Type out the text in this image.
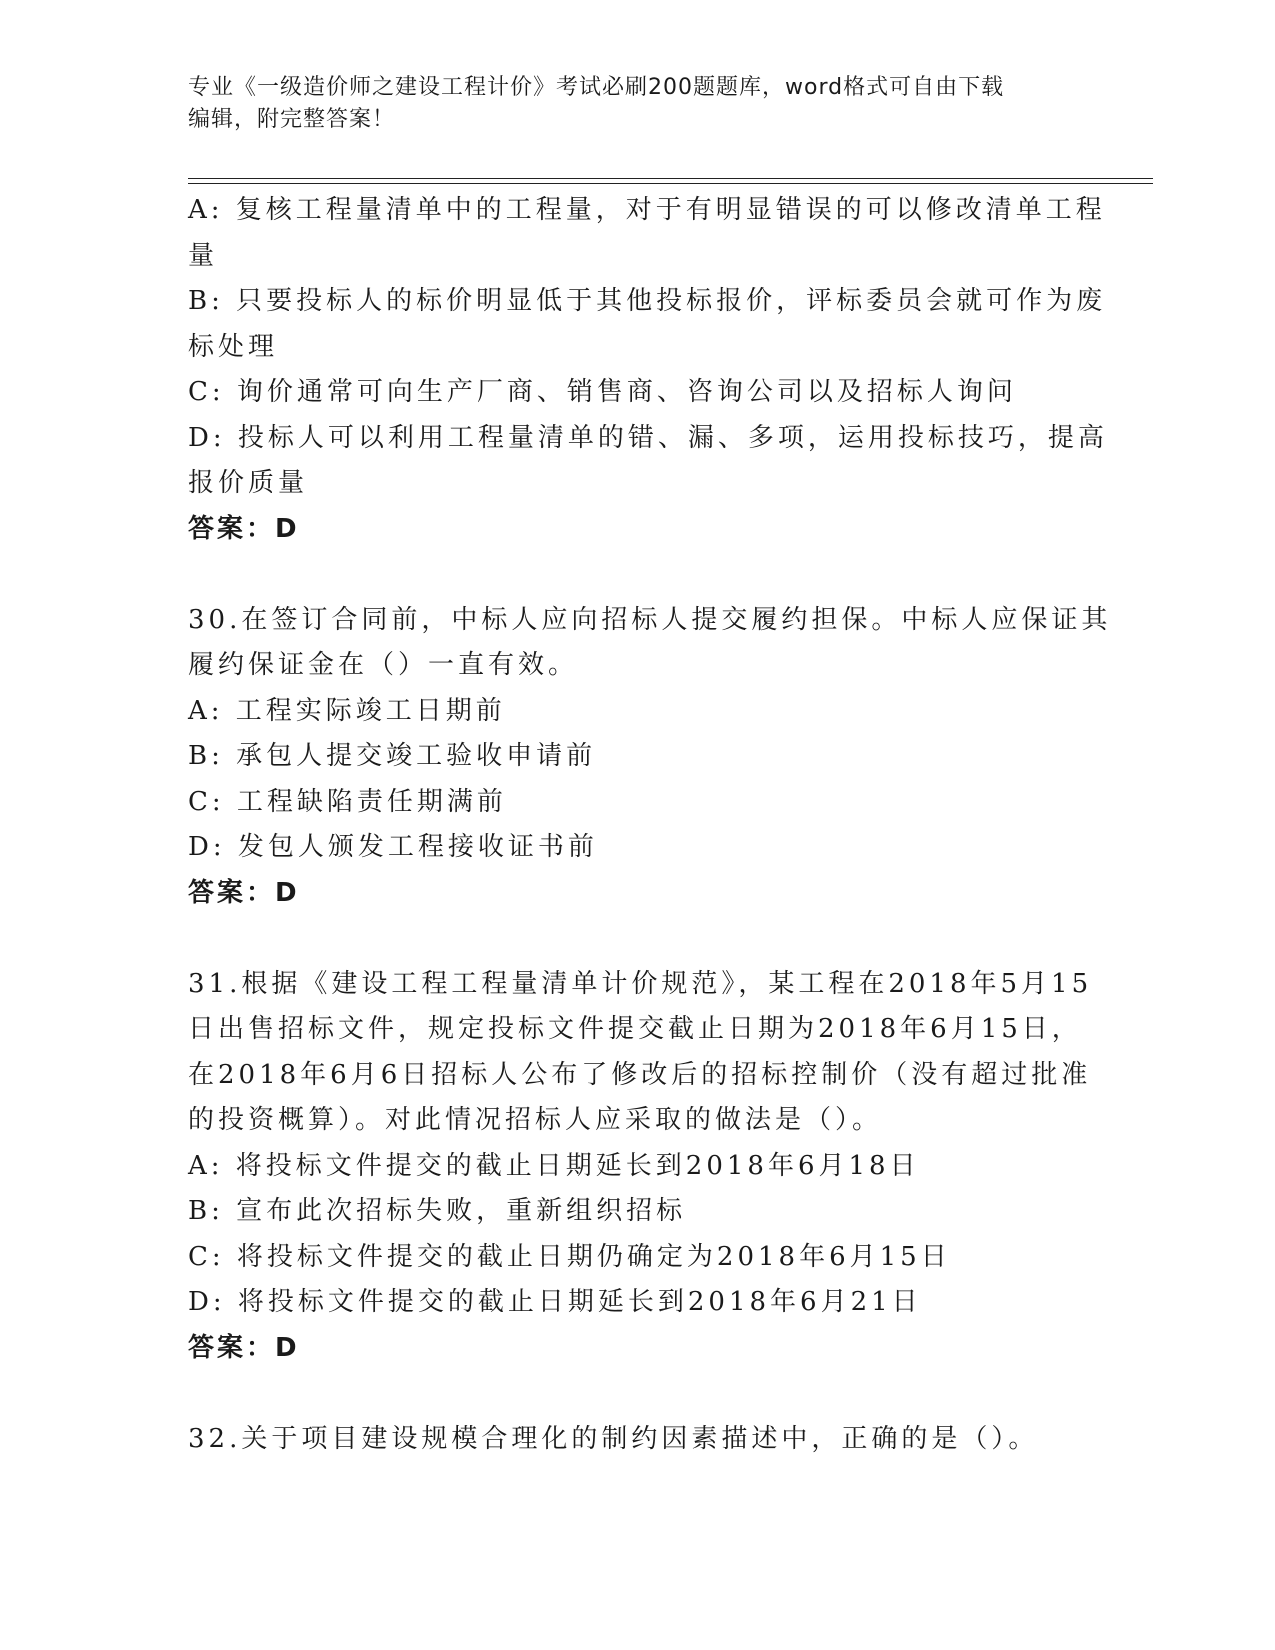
专业《一级造价师之建设工程计价》考试必刷200题题库，word格式可自由下载
编辑，附完整答案！
A: 复核工程量清单中的工程量，对于有明显错误的可以修改清单工程
量
B: 只要投标人的标价明显低于其他投标报价，评标委员会就可作为废
标处理
C: 询价通常可向生产厂商、销售商、咨询公司以及招标人询问
D: 投标人可以利用工程量清单的错、漏、多项，运用投标技巧，提高
报价质量
答案：D
30.在签订合同前，中标人应向招标人提交履约担保。中标人应保证其
履约保证金在（）一直有效。
A: 工程实际竣工日期前
B: 承包人提交竣工验收申请前
C: 工程缺陷责任期满前
D: 发包人颁发工程接收证书前
答案：D
31.根据《建设工程工程量清单计价规范》，某工程在2018年5月15
日出售招标文件，规定投标文件提交截止日期为2018年6月15日，
在2018年6月6日招标人公布了修改后的招标控制价（没有超过批准
的投资概算）。对此情况招标人应采取的做法是（）。
A: 将投标文件提交的截止日期延长到2018年6月18日
B: 宣布此次招标失败，重新组织招标
C: 将投标文件提交的截止日期仍确定为2018年6月15日
D: 将投标文件提交的截止日期延长到2018年6月21日
答案：D
32.关于项目建设规模合理化的制约因素描述中，正确的是（）。
